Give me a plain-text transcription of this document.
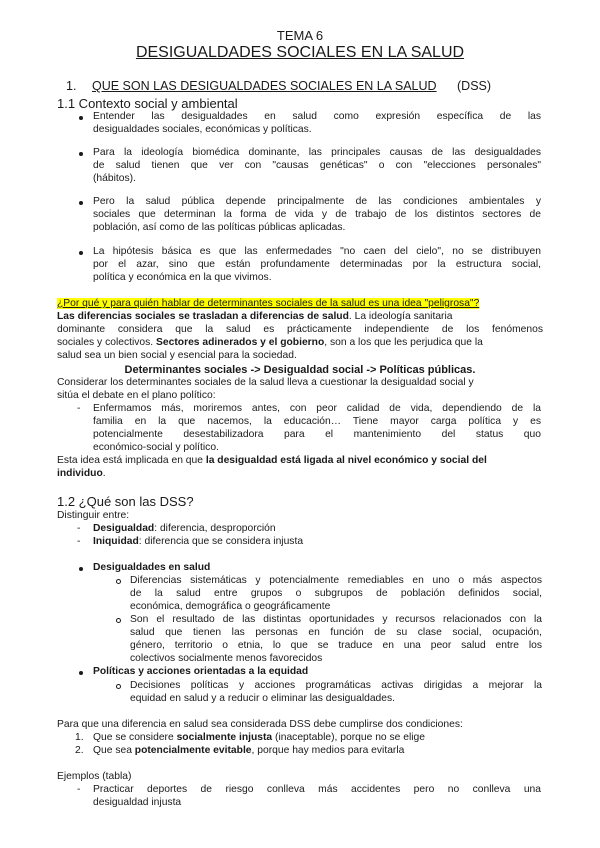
TEMA 6
DESIGUALDADES SOCIALES EN LA SALUD
1. QUE SON LAS DESIGUALDADES SOCIALES EN LA SALUD (DSS)
1.1 Contexto social y ambiental
Entender las desigualdades en salud como expresión específica de las
desigualdades sociales, económicas y políticas.
Para la ideología biomédica dominante, las principales causas de las desigualdades
de salud tienen que ver con "causas genéticas" o con "elecciones personales"
(hábitos).
Pero la salud pública depende principalmente de las condiciones ambientales y
sociales que determinan la forma de vida y de trabajo de los distintos sectores de
población, así como de las políticas públicas aplicadas.
La hipótesis básica es que las enfermedades "no caen del cielo", no se distribuyen
por el azar, sino que están profundamente determinadas por la estructura social,
política y económica en la que vivimos.
¿Por qué y para quién hablar de determinantes sociales de la salud es una idea "peligrosa"?
Las diferencias sociales se trasladan a diferencias de salud. La ideología sanitaria
dominante considera que la salud es prácticamente independiente de los fenómenos
sociales y colectivos. Sectores adinerados y el gobierno, son a los que les perjudica que la
salud sea un bien social y esencial para la sociedad.
Determinantes sociales -> Desigualdad social -> Políticas públicas.
Considerar los determinantes sociales de la salud lleva a cuestionar la desigualdad social y
sitúa el debate en el plano político:
- Enfermamos más, moriremos antes, con peor calidad de vida, dependiendo de la
familia en la que nacemos, la educación… Tiene mayor carga política y es
potencialmente desestabilizadora para el mantenimiento del status quo
económico-social y político.
Esta idea está implicada en que la desigualdad está ligada al nivel económico y social del
individuo.
1.2 ¿Qué son las DSS?
Distinguir entre:
- Desigualdad: diferencia, desproporción
- Iniquidad: diferencia que se considera injusta
Desigualdades en salud
Diferencias sistemáticas y potencialmente remediables en uno o más aspectos
de la salud entre grupos o subgrupos de población definidos social,
económica, demográfica o geográficamente
Son el resultado de las distintas oportunidades y recursos relacionados con la
salud que tienen las personas en función de su clase social, ocupación,
género, territorio o etnia, lo que se traduce en una peor salud entre los
colectivos socialmente menos favorecidos
Políticas y acciones orientadas a la equidad
Decisiones políticas y acciones programáticas activas dirigidas a mejorar la
equidad en salud y a reducir o eliminar las desigualdades.
Para que una diferencia en salud sea considerada DSS debe cumplirse dos condiciones:
1. Que se considere socialmente injusta (inaceptable), porque no se elige
2. Que sea potencialmente evitable, porque hay medios para evitarla
Ejemplos (tabla)
- Practicar deportes de riesgo conlleva más accidentes pero no conlleva una
desigualdad injusta
